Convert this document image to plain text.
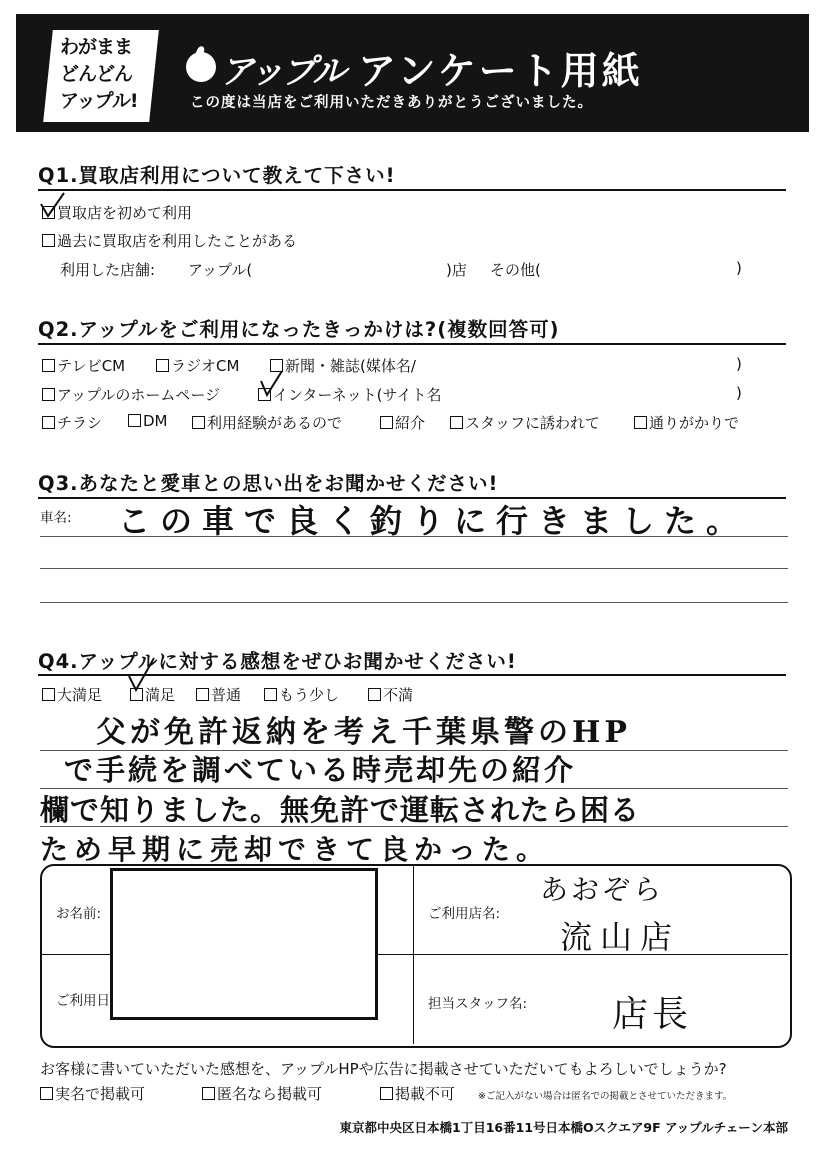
わがまま
どんどん
アップル!
アップル アンケート用紙
この度は当店をご利用いただきありがとうございました。
Q1.買取店利用について教えて下さい!
買取店を初めて利用
過去に買取店を利用したことがある
利用した店舗: アップル(	)店 その他(	)
Q2.アップルをご利用になったきっかけは?(複数回答可)
テレビCM	ラジオCM	新聞・雑誌(媒体名/	)
アップルのホームページ	インターネット(サイト名	)
チラシ	DM	利用経験があるので	紹介	スタッフに誘われて	通りがかりで
Q3.あなたと愛車との思い出をお聞かせください!
車名: この車で良く釣りに行きました。
Q4.アップルに対する感想をぜひお聞かせください!
大満足	満足	普通	もう少し	不満
父が免許返納を考え千葉県警のHP
で手続を調べている時売却先の紹介
欄で知りました。無免許で運転されたら困る
ため早期に売却できて良かった。
お名前:	ご利用店名:
あおぞら
流山店
ご利用日:	担当スタッフ名: 店長
お客様に書いていただいた感想を、アップルHPや広告に掲載させていただいてもよろしいでしょうか?
実名で掲載可	匿名なら掲載可	掲載不可 ※ご記入がない場合は匿名での掲載とさせていただきます。
東京都中央区日本橋1丁目16番11号日本橋Oスクエア9F アップルチェーン本部
